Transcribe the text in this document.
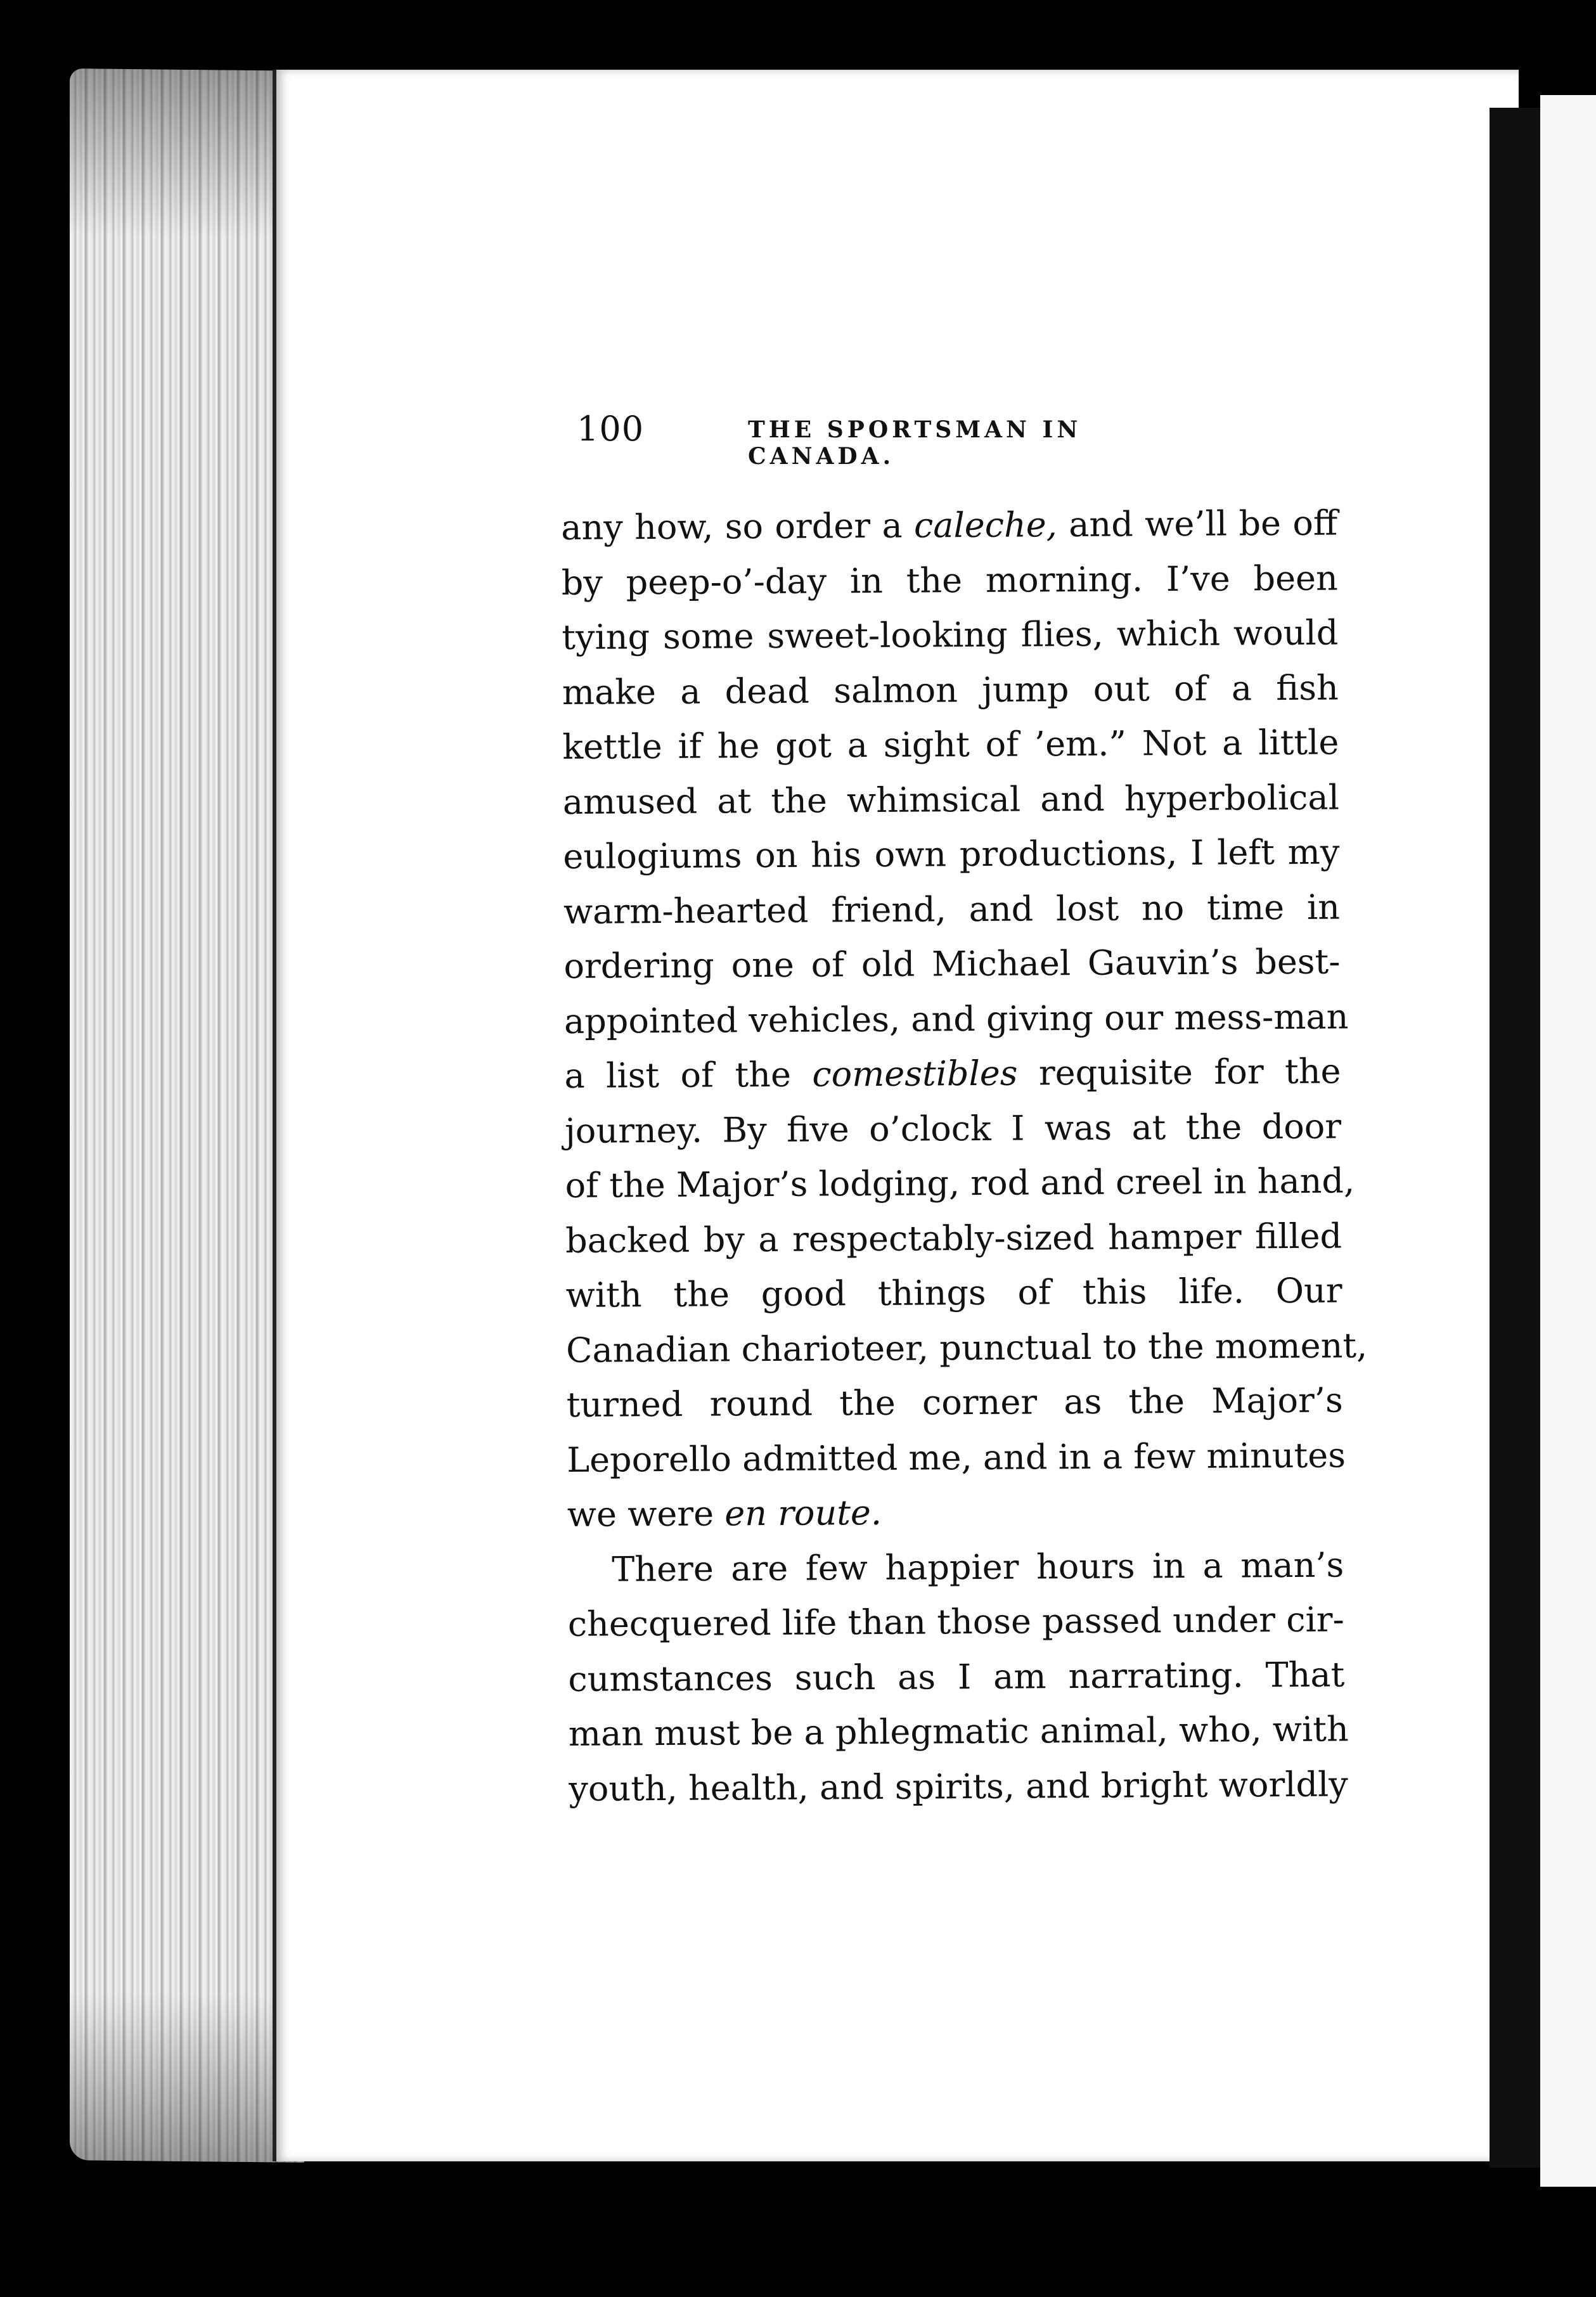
100	THE SPORTSMAN IN CANADA.
any how, so order a caleche, and we’ll be off
by peep-o’-day in the morning. I’ve been
tying some sweet-looking flies, which would
make a dead salmon jump out of a fish
kettle if he got a sight of ’em.” Not a little
amused at the whimsical and hyperbolical
eulogiums on his own productions, I left my
warm-hearted friend, and lost no time in
ordering one of old Michael Gauvin’s best-
appointed vehicles, and giving our mess-man
a list of the comestibles requisite for the
journey. By five o’clock I was at the door
of the Major’s lodging, rod and creel in hand,
backed by a respectably-sized hamper filled
with the good things of this life. Our
Canadian charioteer, punctual to the moment,
turned round the corner as the Major’s
Leporello admitted me, and in a few minutes
we were en route.
There are few happier hours in a man’s
checquered life than those passed under cir-
cumstances such as I am narrating. That
man must be a phlegmatic animal, who, with
youth, health, and spirits, and bright worldly
